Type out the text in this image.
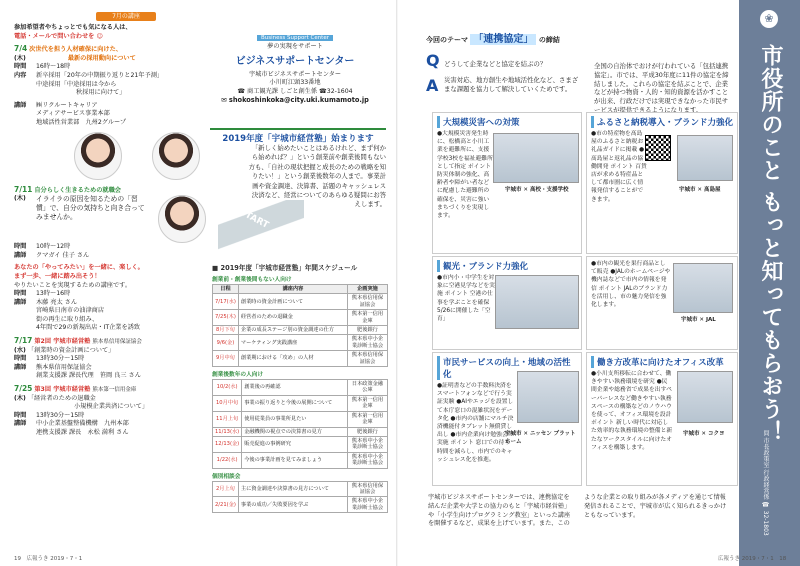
7月の講座
参加希望者やちょっとでも気になる人は、
電話・メールで問い合わせを ☺
7/4 次世代を担う人材確保に向けた、
(木)	最新の採用動向について
時間	16時～18時
内容	新卒採用「20年の中期振り返りと21年予測」
中途採用「中途採用は今から
秋採用に向けて」
講師	㈱リクルートキャリア
メディアサービス事業本部
地域活性営業部　九州2グループ
7/11 自分らしく生きるための就職会
(木)	イライラの原因を知るための「習慣」で、自分の気持ちと向き合ってみませんか。
時間	10時～12時
講師	クマガイ 佳子 さん
あなたの「やってみたい」を一緒に、楽しく。
まず一歩、一緒に踏み出そう！
やりたいことを実現するための講座です。
時間	13時～16時
講師	木藤 亮太 さん
宮崎県日南市の油津商店
街の再生に取り組み、
4年間で29の新規出店・IT企業を誘致
7/17 第2回 宇城市経営塾 熊本県信用保証協会
(水) 「創業時の資金計画について」
時間	13時30分～15時
講師	熊本県信用保証協会
創業支援課 課長代理　笹岡 良三 さん
7/25 第3回 宇城市経営塾 熊本第一信用金庫
(木) 「経営者のための退職金
小規模企業共済について」
時間	13時30分～15時
講師	中小企業基盤整備機構　九州本部
連携支援課 課長　永松 満利 さん
Business Support Center
夢の実現をサポート
ビジネスサポートセンター
宇城市ビジネスサポートセンター
小川町江頭33番地
☎ 商工観光課 しごと創生係 ☎32-1604
✉ shokoshinkoka@city.uki.kumamoto.jp
2019年度「宇城市経営塾」始まります

「新しく始めたいことはあるけれど、まず何から始めれば？」という創業前や創業後間もない方も、「自社の現状把握と成長のための戦略を知りたい！」という創業後数年の人まで。事業計画や資金調達、決算書、話題のキャッシュレス決済など、経営についてのあらゆる疑問にお答えします。

START
■ 2019年度「宇城市経営塾」年間スケジュール
創業前・創業後間もない人向け
日程	講座内容	企画実施
7/17(水)	創業時の資金計画について	熊本県信用保証協会
7/25(木)	経営者のための退職金	熊本第一信用金庫
8月下旬	企業の成長ステージ別の資金調達の仕方	肥後銀行
9/6(金)	マーケティング実践講座	熊本県中小企業診断士協会
9月中旬	創業期における「攻め」の人材	熊本県信用保証協会
創業後数年の人向け
10/2(水)	創業後の再確認	日本政策金融公庫
10月中旬	事業の振り返りと今後の展開について	熊本第一信用金庫
11月上旬	使用従業員の事業所見たい	熊本第一信用金庫
11/13(水)	金融機関の視点での決算書の見方	肥後銀行
12/13(金)	販売促進の事例研究	熊本県中小企業診断士協会
1/22(水)	今後の事業計画を見てみましょう	熊本県中小企業診断士協会
個別相談会
2月上旬	主に資金調達や決算書の見方について	熊本県信用保証協会
2/21(金)	事業の成功／失敗要因を学ぶ	熊本県中小企業診断士協会
19　 広報うき 2019・7・1
今回のテーマ 「連携協定」 の締結
Q どうして企業などと協定を結ぶの？
A 災害対応、地方創生や地域活性化など、さまざまな課題を協力して解決していくためです。
全国の自治体でおけが行われている「包括連携協定」。市では、平成30年度に11件の協定を締結しました。これらの協定を結ぶことで、企業などが持つ物資・人的・知的資源を活かすことが出来、行政だけでは実現できなかった市民サービスが提供できるようになります。
大規模災害への対策
●大規模災害発生時に、松橋高と小川工業を避難所に、支援学校3校を福祉避難所として指定 ポイント 防災体制の強化、高齢者や障がい者などに配慮した避難所の確保を、災害に強いまちづくりを実現します。
宇城市 ✕ 高校・支援学校
ふるさと納税導入・ブランド力強化
●市の特産物を髙島屋のふるさと納税お礼品ガイドに掲載 ●髙島屋と返礼品の協働開発 ポイント 百貨店が求める特産品として都市圏に広く情報発信することができます。
宇城市 ✕ 髙島屋
観光・ブランド力強化
●市内小・中学生を対象に空港見学などを実施 ポイント 空港の仕事を学ぶことを確保 5/26に開催した「空育」
●市内の観光を果行商品として販売 ●JALのホームページや機内誌などで市内の情報を発信 ポイント JALのブランド力を活用し、市の魅力発信を強化します。
宇城市 ✕ JAL
市民サービスの向上・地域の活性化
●証明書などの手数料決済をスマートフォンなどで行う実証実験 ●AIやエッジを設置して本庁窓口の混雑状況をデータ化 ●市内の店舗にマルチ決済機能付タブレット無償貸し出し ●市内企業向け勉強会の実施 ポイント 窓口での待ち時間を減らし、市内でのキャッシュレス化を推進。
宇城市 ✕ ニッセン プラットホーム
働き方改革に向けたオフィス改革
●小川支所移転に合わせて、働きやすい執務環境を研究 ●民間企業や総務省で成果を出すペーパーレスなど働きやすい執務スペースの構築などのノウハウを使って、オフィス環境を設計 ポイント 新しい時代に対応した効率的な執務環境の整備と新たなワークスタイルに向けたオフィスを構築します。
宇城市 ✕ コクヨ
宇城市ビジネスサポートセンターでは、連携協定を結んだ企業や大学との協力のもと「宇城市経営塾」や「小学生向けプログラミング教室」といった講座を開催するなど、成果を上げています。また、このような企業との取り組みが各メディアを通じて情報発信されることで、宇城市が広く知られるきっかけともなっています。
❀
市役所のこと もっと知ってもらおう！
問 市長政策室 行政経営係 ☎ 32-1803
広報うき 2019・7・1　 18
